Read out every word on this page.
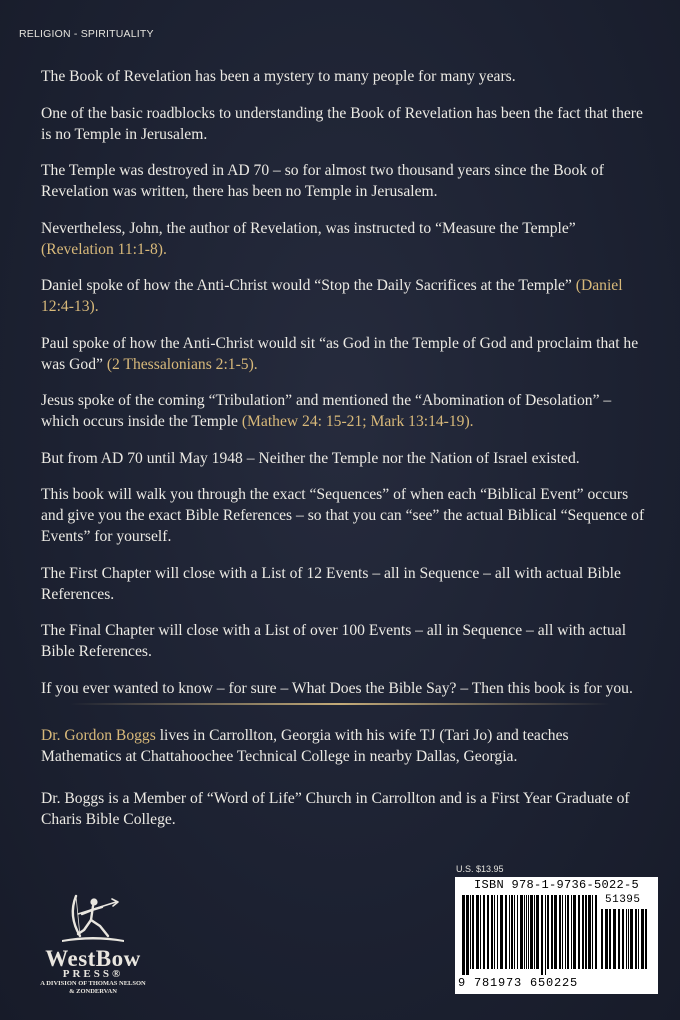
RELIGION - SPIRITUALITY

The Book of Revelation has been a mystery to many people for many years.

One of the basic roadblocks to understanding the Book of Revelation has been the fact that there is no Temple in Jerusalem.

The Temple was destroyed in AD 70 – so for almost two thousand years since the Book of Revelation was written, there has been no Temple in Jerusalem.

Nevertheless, John, the author of Revelation, was instructed to “Measure the Temple” (Revelation 11:1-8).

Daniel spoke of how the Anti-Christ would “Stop the Daily Sacrifices at the Temple” (Daniel 12:4-13).

Paul spoke of how the Anti-Christ would sit “as God in the Temple of God and proclaim that he was God” (2 Thessalonians 2:1-5).

Jesus spoke of the coming “Tribulation” and mentioned the “Abomination of Desolation” – which occurs inside the Temple (Mathew 24: 15-21; Mark 13:14-19).

But from AD 70 until May 1948 – Neither the Temple nor the Nation of Israel existed.

This book will walk you through the exact “Sequences” of when each “Biblical Event” occurs and give you the exact Bible References – so that you can “see” the actual Biblical “Sequence of Events” for yourself.

The First Chapter will close with a List of 12 Events – all in Sequence – all with actual Bible References.

The Final Chapter will close with a List of over 100 Events – all in Sequence – all with actual Bible References.

If you ever wanted to know – for sure – What Does the Bible Say? – Then this book is for you.

Dr. Gordon Boggs lives in Carrollton, Georgia with his wife TJ (Tari Jo) and teaches Mathematics at Chattahoochee Technical College in nearby Dallas, Georgia.

Dr. Boggs is a Member of “Word of Life” Church in Carrollton and is a First Year Graduate of Charis Bible College.

WestBow
PRESS®
A DIVISION OF THOMAS NELSON
& ZONDERVAN
U.S. $13.95
ISBN 978-1-9736-5022-5
51395
9 781973 650225
